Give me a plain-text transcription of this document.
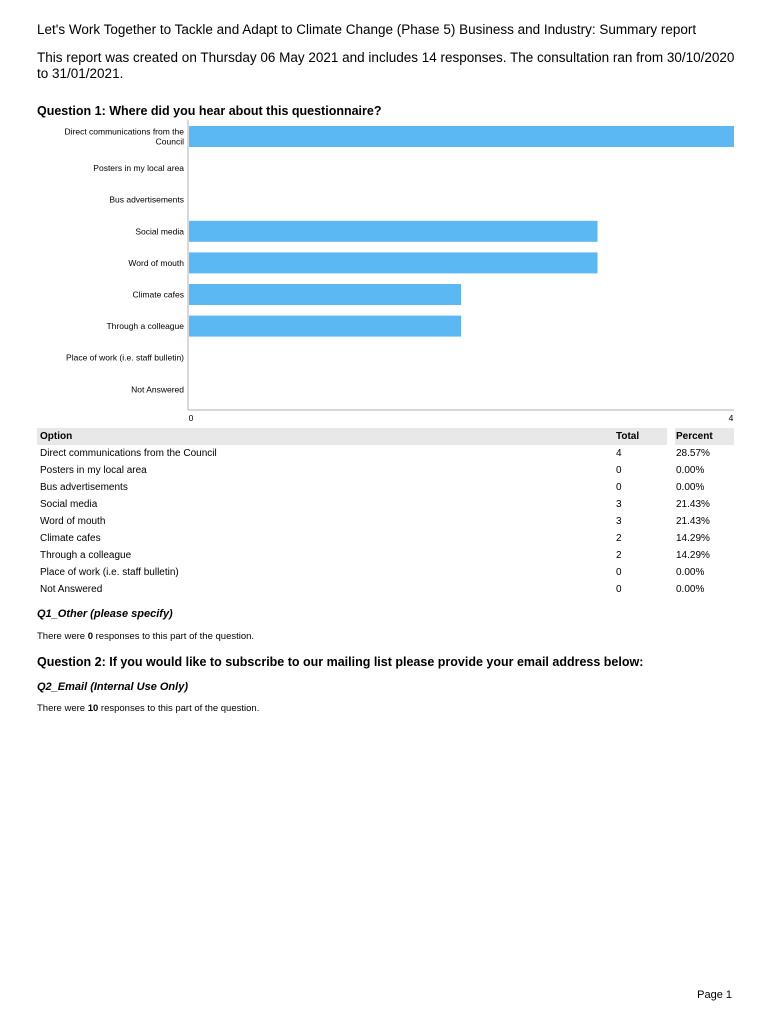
Let's Work Together to Tackle and Adapt to Climate Change (Phase 5) Business and Industry: Summary report
This report was created on Thursday 06 May 2021 and includes 14 responses. The consultation ran from 30/10/2020 to 31/01/2021.
Question 1: Where did you hear about this questionnaire?
Direct communications from the
Council
Posters in my local area
Bus advertisements
Social media
Word of mouth
Climate cafes
Through a colleague
Place of work (i.e. staff bulletin)
Not Answered
0	4
Option	Total	Percent
Direct communications from the Council	4	28.57%
Posters in my local area	0	0.00%
Bus advertisements	0	0.00%
Social media	3	21.43%
Word of mouth	3	21.43%
Climate cafes	2	14.29%
Through a colleague	2	14.29%
Place of work (i.e. staff bulletin)	0	0.00%
Not Answered	0	0.00%
Q1_Other (please specify)
There were 0 responses to this part of the question.
Question 2: If you would like to subscribe to our mailing list please provide your email address below:
Q2_Email (Internal Use Only)
There were 10 responses to this part of the question.
Page 1
